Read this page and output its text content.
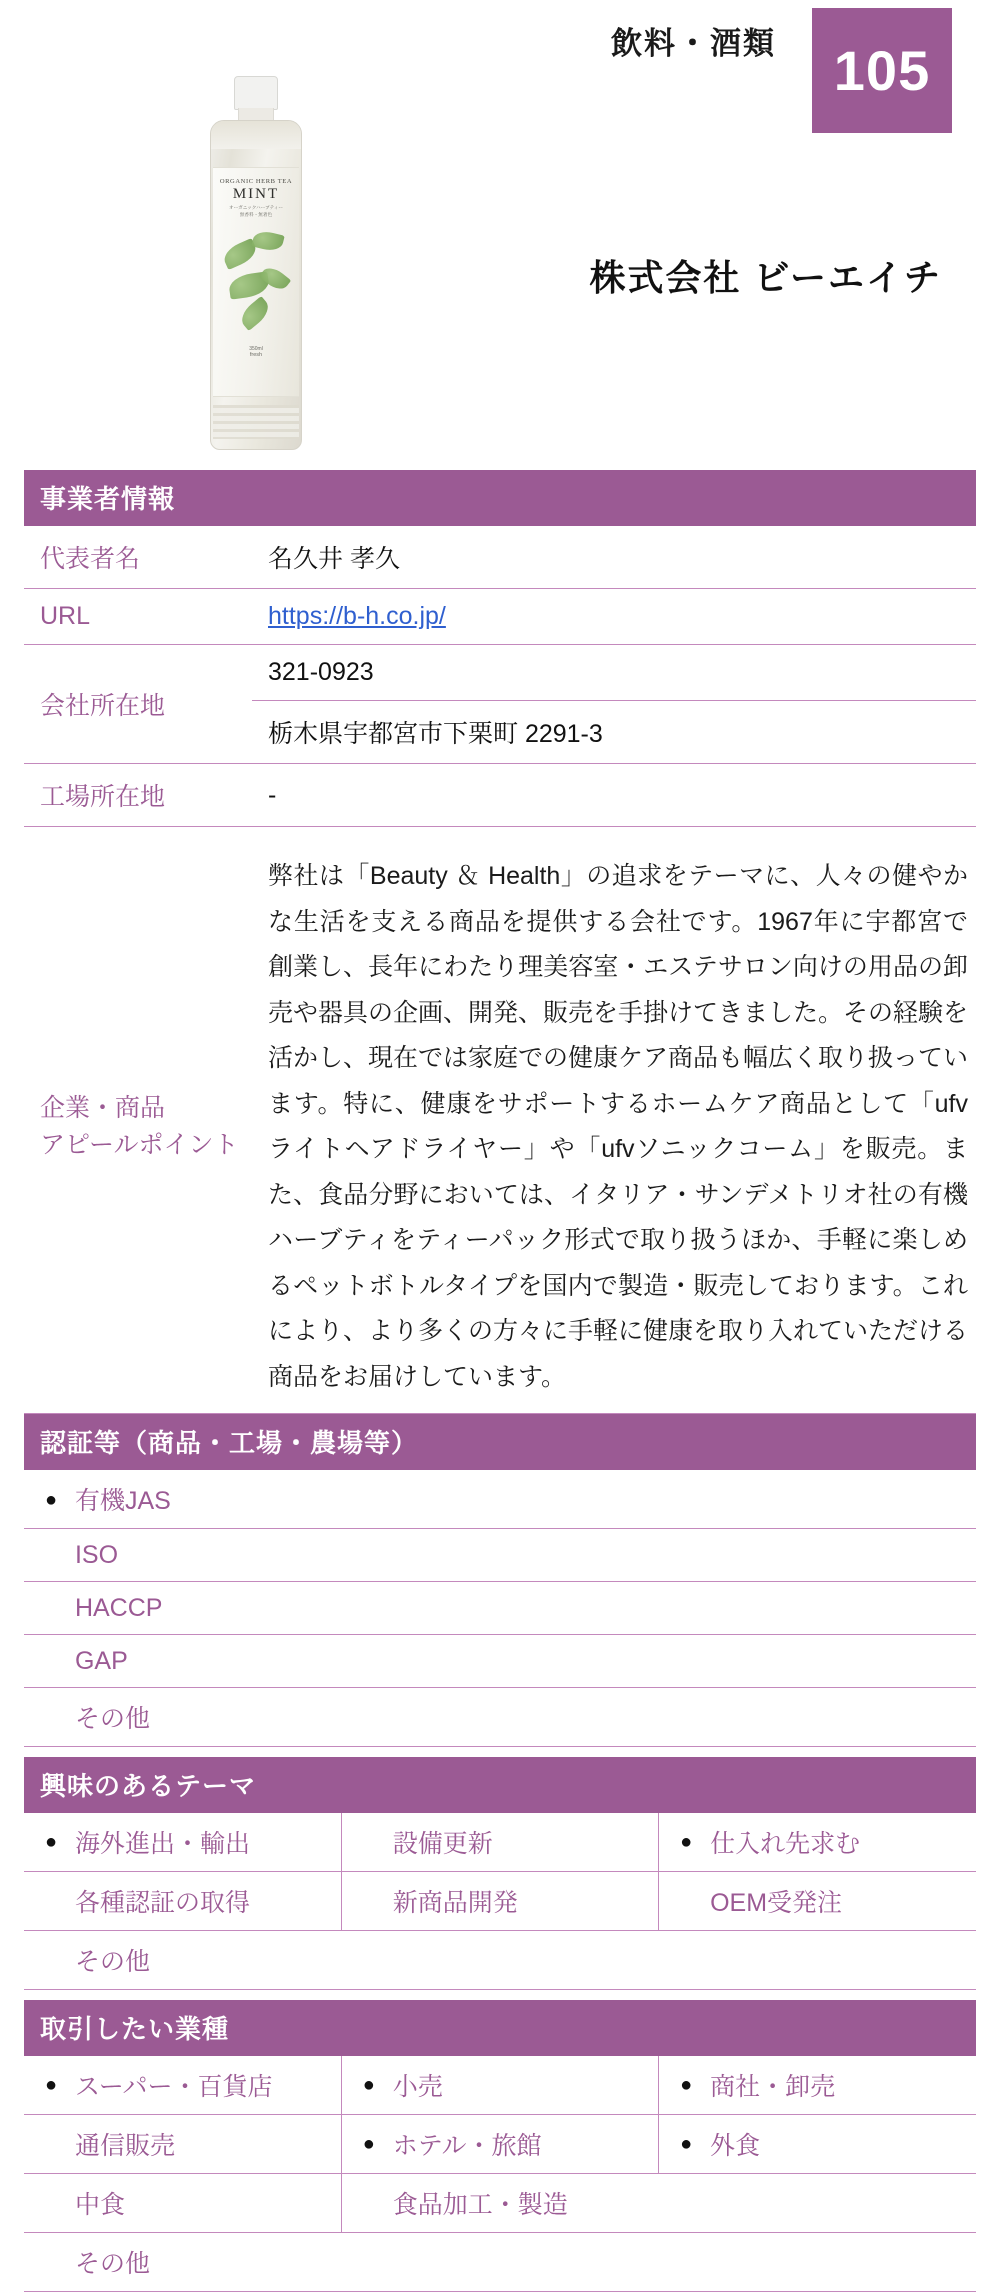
ORGANIC HERB TEA
MINT
オーガニックハーブティー
無香料・無着色
350ml
fresh
飲料・酒類	105
株式会社 ビーエイチ
事業者情報
代表者名	名久井 孝久
URL	https://b-h.co.jp/
会社所在地	321‐0923
	栃木県宇都宮市下栗町 2291-3
工場所在地	-
企業・商品
アピールポイント	弊社は「Beauty ＆ Health」の追求をテーマに、人々の健やかな生活を支える商品を提供する会社です。1967年に宇都宮で創業し、長年にわたり理美容室・エステサロン向けの用品の卸売や器具の企画、開発、販売を手掛けてきました。その経験を活かし、現在では家庭での健康ケア商品も幅広く取り扱っています。特に、健康をサポートするホームケア商品として「ufvライトヘアドライヤー」や「ufvソニックコーム」を販売。また、食品分野においては、イタリア・サンデメトリオ社の有機ハーブティをティーパック形式で取り扱うほか、手軽に楽しめるペットボトルタイプを国内で製造・販売しております。これにより、より多くの方々に手軽に健康を取り入れていただける商品をお届けしています。
認証等（商品・工場・農場等）
● 有機JAS
ISO
HACCP
GAP
その他
興味のあるテーマ
● 海外進出・輸出	設備更新	● 仕入れ先求む
各種認証の取得	新商品開発	OEM受発注
その他		
取引したい業種
● スーパー・百貨店	● 小売	● 商社・卸売
通信販売	● ホテル・旅館	● 外食
中食	食品加工・製造	
その他		
